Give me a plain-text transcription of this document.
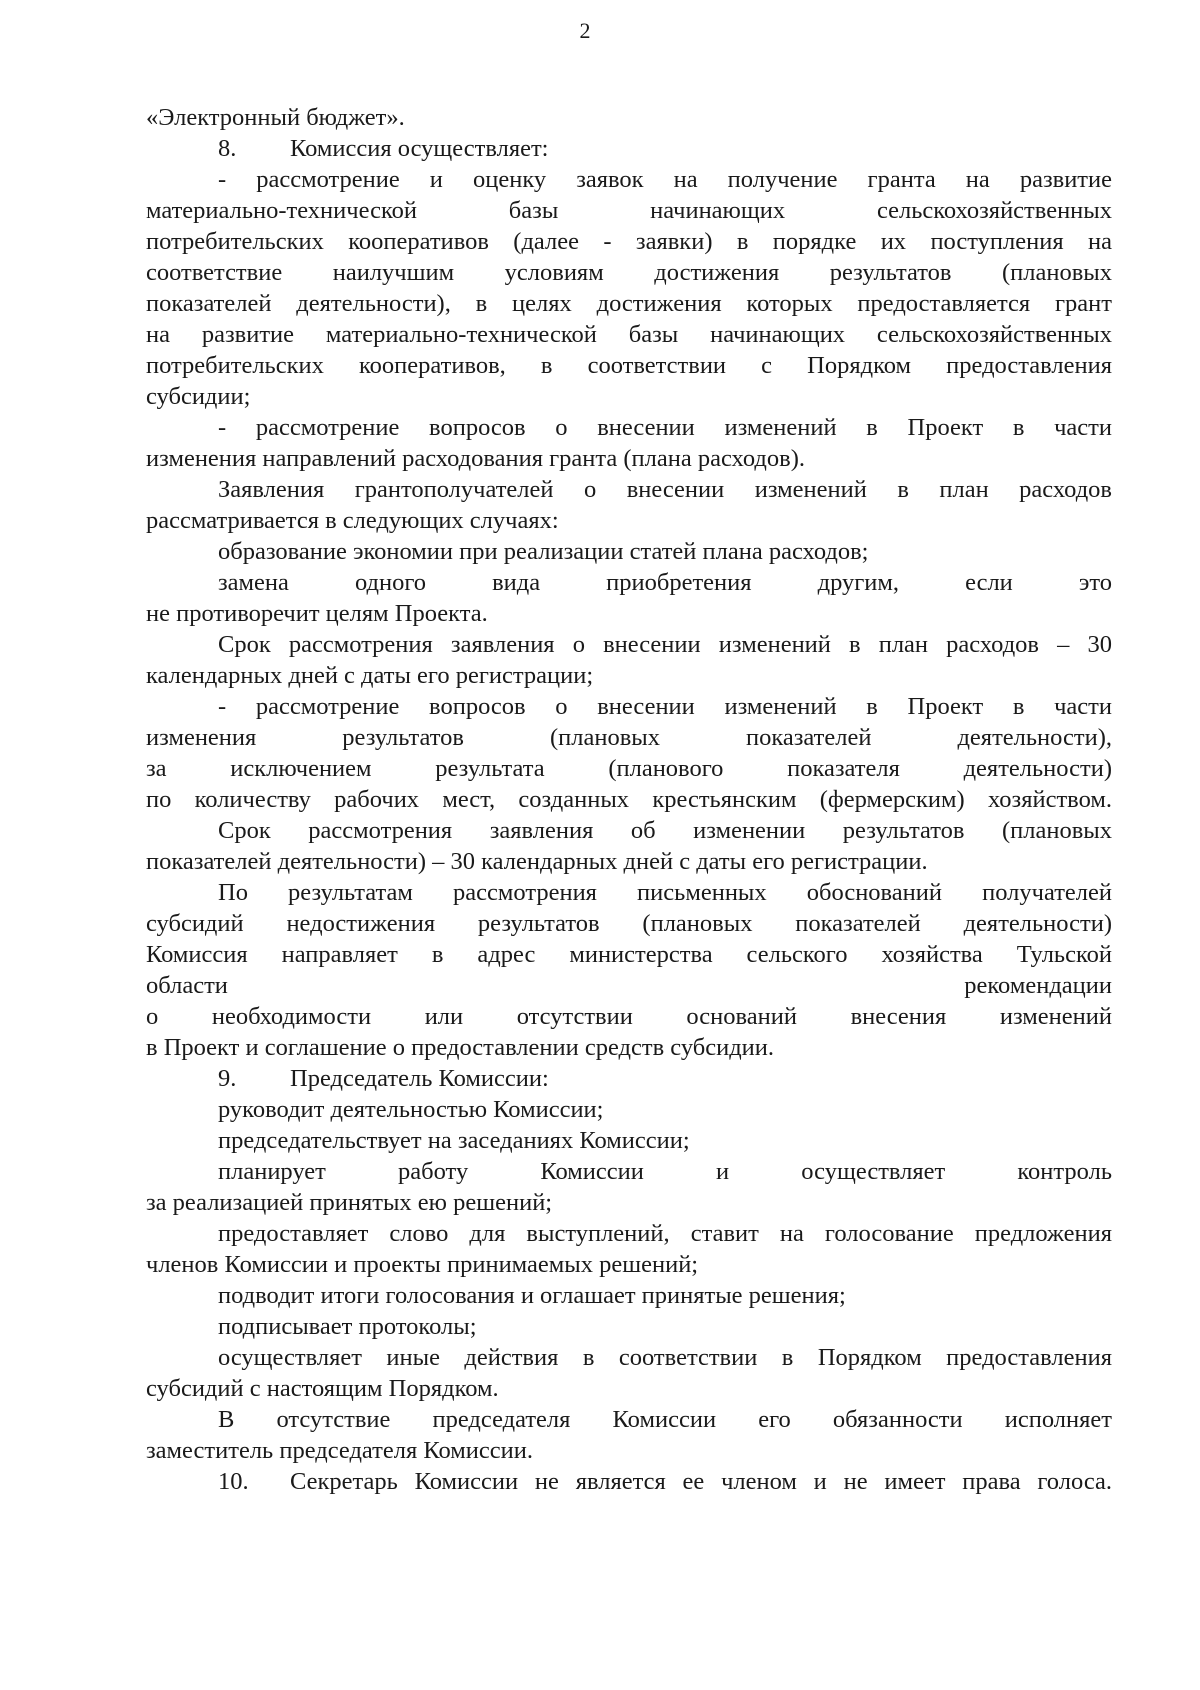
2
«Электронный бюджет».
8. Комиссия осуществляет:
- рассмотрение и оценку заявок на получение гранта на развитие
материально-технической базы начинающих сельскохозяйственных
потребительских кооперативов (далее - заявки) в порядке их поступления на
соответствие наилучшим условиям достижения результатов (плановых
показателей деятельности), в целях достижения которых предоставляется грант
на развитие материально-технической базы начинающих сельскохозяйственных
потребительских кооперативов, в соответствии с Порядком предоставления
субсидии;
- рассмотрение вопросов о внесении изменений в Проект в части
изменения направлений расходования гранта (плана расходов).
Заявления грантополучателей о внесении изменений в план расходов
рассматривается в следующих случаях:
образование экономии при реализации статей плана расходов;
замена одного вида приобретения другим, если это
не противоречит целям Проекта.
Срок рассмотрения заявления о внесении изменений в план расходов – 30
календарных дней с даты его регистрации;
- рассмотрение вопросов о внесении изменений в Проект в части
изменения результатов (плановых показателей деятельности),
за исключением результата (планового показателя деятельности)
по количеству рабочих мест, созданных крестьянским (фермерским) хозяйством.
Срок рассмотрения заявления об изменении результатов (плановых
показателей деятельности) – 30 календарных дней с даты его регистрации.
По результатам рассмотрения письменных обоснований получателей
субсидий недостижения результатов (плановых показателей деятельности)
Комиссия направляет в адрес министерства сельского хозяйства Тульской
области рекомендации
о необходимости или отсутствии оснований внесения изменений
в Проект и соглашение о предоставлении средств субсидии.
9. Председатель Комиссии:
руководит деятельностью Комиссии;
председательствует на заседаниях Комиссии;
планирует работу Комиссии и осуществляет контроль
за реализацией принятых ею решений;
предоставляет слово для выступлений, ставит на голосование предложения
членов Комиссии и проекты принимаемых решений;
подводит итоги голосования и оглашает принятые решения;
подписывает протоколы;
осуществляет иные действия в соответствии в Порядком предоставления
субсидий с настоящим Порядком.
В отсутствие председателя Комиссии его обязанности исполняет
заместитель председателя Комиссии.
10. Секретарь Комиссии не является ее членом и не имеет права голоса.
